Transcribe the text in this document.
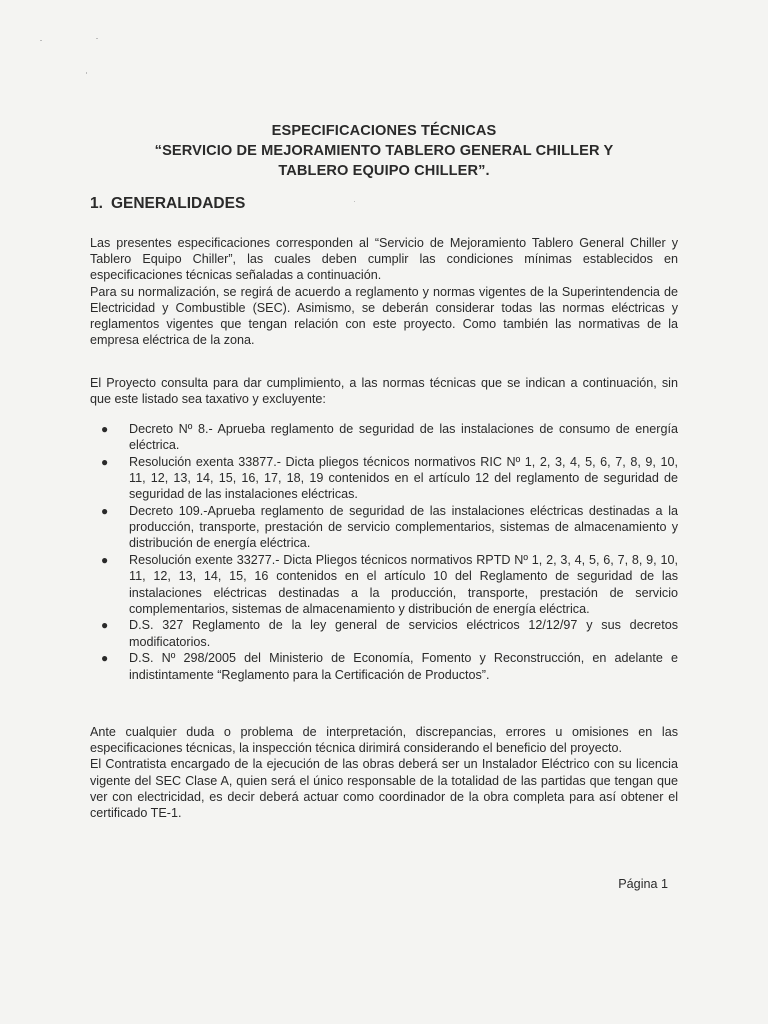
ESPECIFICACIONES TÉCNICAS
“SERVICIO DE MEJORAMIENTO TABLERO GENERAL CHILLER Y
TABLERO EQUIPO CHILLER”.
1. GENERALIDADES

Las presentes especificaciones corresponden al “Servicio de Mejoramiento Tablero General Chiller y Tablero Equipo Chiller”, las cuales deben cumplir las condiciones mínimas establecidos en especificaciones técnicas señaladas a continuación.

Para su normalización, se regirá de acuerdo a reglamento y normas vigentes de la Superintendencia de Electricidad y Combustible (SEC). Asimismo, se deberán considerar todas las normas eléctricas y reglamentos vigentes que tengan relación con este proyecto. Como también las normativas de la empresa eléctrica de la zona.

El Proyecto consulta para dar cumplimiento, a las normas técnicas que se indican a continuación, sin que este listado sea taxativo y excluyente:

● Decreto Nº 8.- Aprueba reglamento de seguridad de las instalaciones de consumo de energía eléctrica.
● Resolución exenta 33877.- Dicta pliegos técnicos normativos RIC Nº 1, 2, 3, 4, 5, 6, 7, 8, 9, 10, 11, 12, 13, 14, 15, 16, 17, 18, 19 contenidos en el artículo 12 del reglamento de seguridad de seguridad de las instalaciones eléctricas.
● Decreto 109.-Aprueba reglamento de seguridad de las instalaciones eléctricas destinadas a la producción, transporte, prestación de servicio complementarios, sistemas de almacenamiento y distribución de energía eléctrica.
● Resolución exente 33277.- Dicta Pliegos técnicos normativos RPTD Nº 1, 2, 3, 4, 5, 6, 7, 8, 9, 10, 11, 12, 13, 14, 15, 16 contenidos en el artículo 10 del Reglamento de seguridad de las instalaciones eléctricas destinadas a la producción, transporte, prestación de servicio complementarios, sistemas de almacenamiento y distribución de energía eléctrica.
● D.S. 327 Reglamento de la ley general de servicios eléctricos 12/12/97 y sus decretos modificatorios.
● D.S. Nº 298/2005 del Ministerio de Economía, Fomento y Reconstrucción, en adelante e indistintamente “Reglamento para la Certificación de Productos”.

Ante cualquier duda o problema de interpretación, discrepancias, errores u omisiones en las especificaciones técnicas, la inspección técnica dirimirá considerando el beneficio del proyecto.

El Contratista encargado de la ejecución de las obras deberá ser un Instalador Eléctrico con su licencia vigente del SEC Clase A, quien será el único responsable de la totalidad de las partidas que tengan que ver con electricidad, es decir deberá actuar como coordinador de la obra completa para así obtener el certificado TE-1.

Página 1
